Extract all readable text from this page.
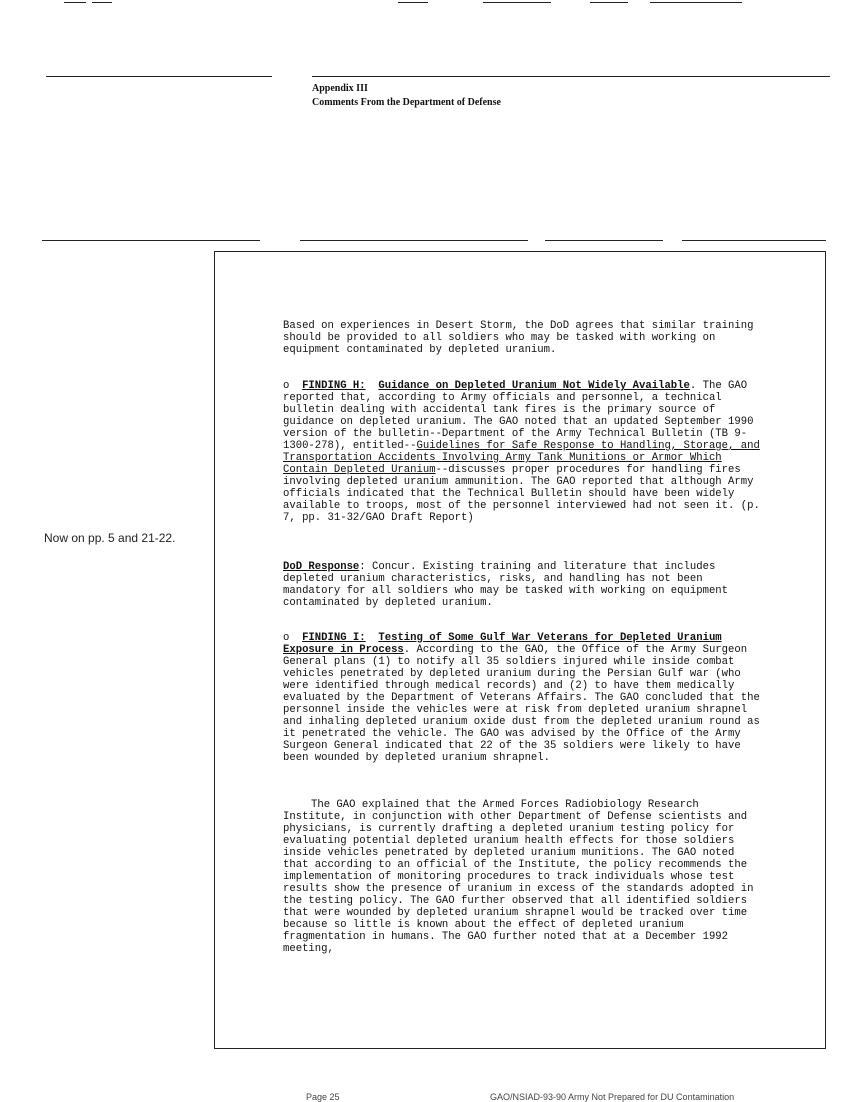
Appendix III
Comments From the Department of Defense
Now on pp. 5 and 21-22.

Based on experiences in Desert Storm, the DoD agrees that similar training should be provided to all soldiers who may be tasked with working on equipment contaminated by depleted uranium.

o FINDING H: Guidance on Depleted Uranium Not Widely Available. The GAO reported that, according to Army officials and personnel, a technical bulletin dealing with accidental tank fires is the primary source of guidance on depleted uranium. The GAO noted that an updated September 1990 version of the bulletin--Department of the Army Technical Bulletin (TB 9-1300-278), entitled--Guidelines for Safe Response to Handling, Storage, and Transportation Accidents Involving Army Tank Munitions or Armor Which Contain Depleted Uranium--discusses proper procedures for handling fires involving depleted uranium ammunition. The GAO reported that although Army officials indicated that the Technical Bulletin should have been widely available to troops, most of the personnel interviewed had not seen it. (p. 7, pp. 31-32/GAO Draft Report)

DoD Response: Concur. Existing training and literature that includes depleted uranium characteristics, risks, and handling has not been mandatory for all soldiers who may be tasked with working on equipment contaminated by depleted uranium.

o FINDING I: Testing of Some Gulf War Veterans for Depleted Uranium Exposure in Process. According to the GAO, the Office of the Army Surgeon General plans (1) to notify all 35 soldiers injured while inside combat vehicles penetrated by depleted uranium during the Persian Gulf war (who were identified through medical records) and (2) to have them medically evaluated by the Department of Veterans Affairs. The GAO concluded that the personnel inside the vehicles were at risk from depleted uranium shrapnel and inhaling depleted uranium oxide dust from the depleted uranium round as it penetrated the vehicle. The GAO was advised by the Office of the Army Surgeon General indicated that 22 of the 35 soldiers were likely to have been wounded by depleted uranium shrapnel.

The GAO explained that the Armed Forces Radiobiology Research Institute, in conjunction with other Department of Defense scientists and physicians, is currently drafting a depleted uranium testing policy for evaluating potential depleted uranium health effects for those soldiers inside vehicles penetrated by depleted uranium munitions. The GAO noted that according to an official of the Institute, the policy recommends the implementation of monitoring procedures to track individuals whose test results show the presence of uranium in excess of the standards adopted in the testing policy. The GAO further observed that all identified soldiers that were wounded by depleted uranium shrapnel would be tracked over time because so little is known about the effect of depleted uranium fragmentation in humans. The GAO further noted that at a December 1992 meeting,

Page 25	GAO/NSIAD-93-90 Army Not Prepared for DU Contamination
